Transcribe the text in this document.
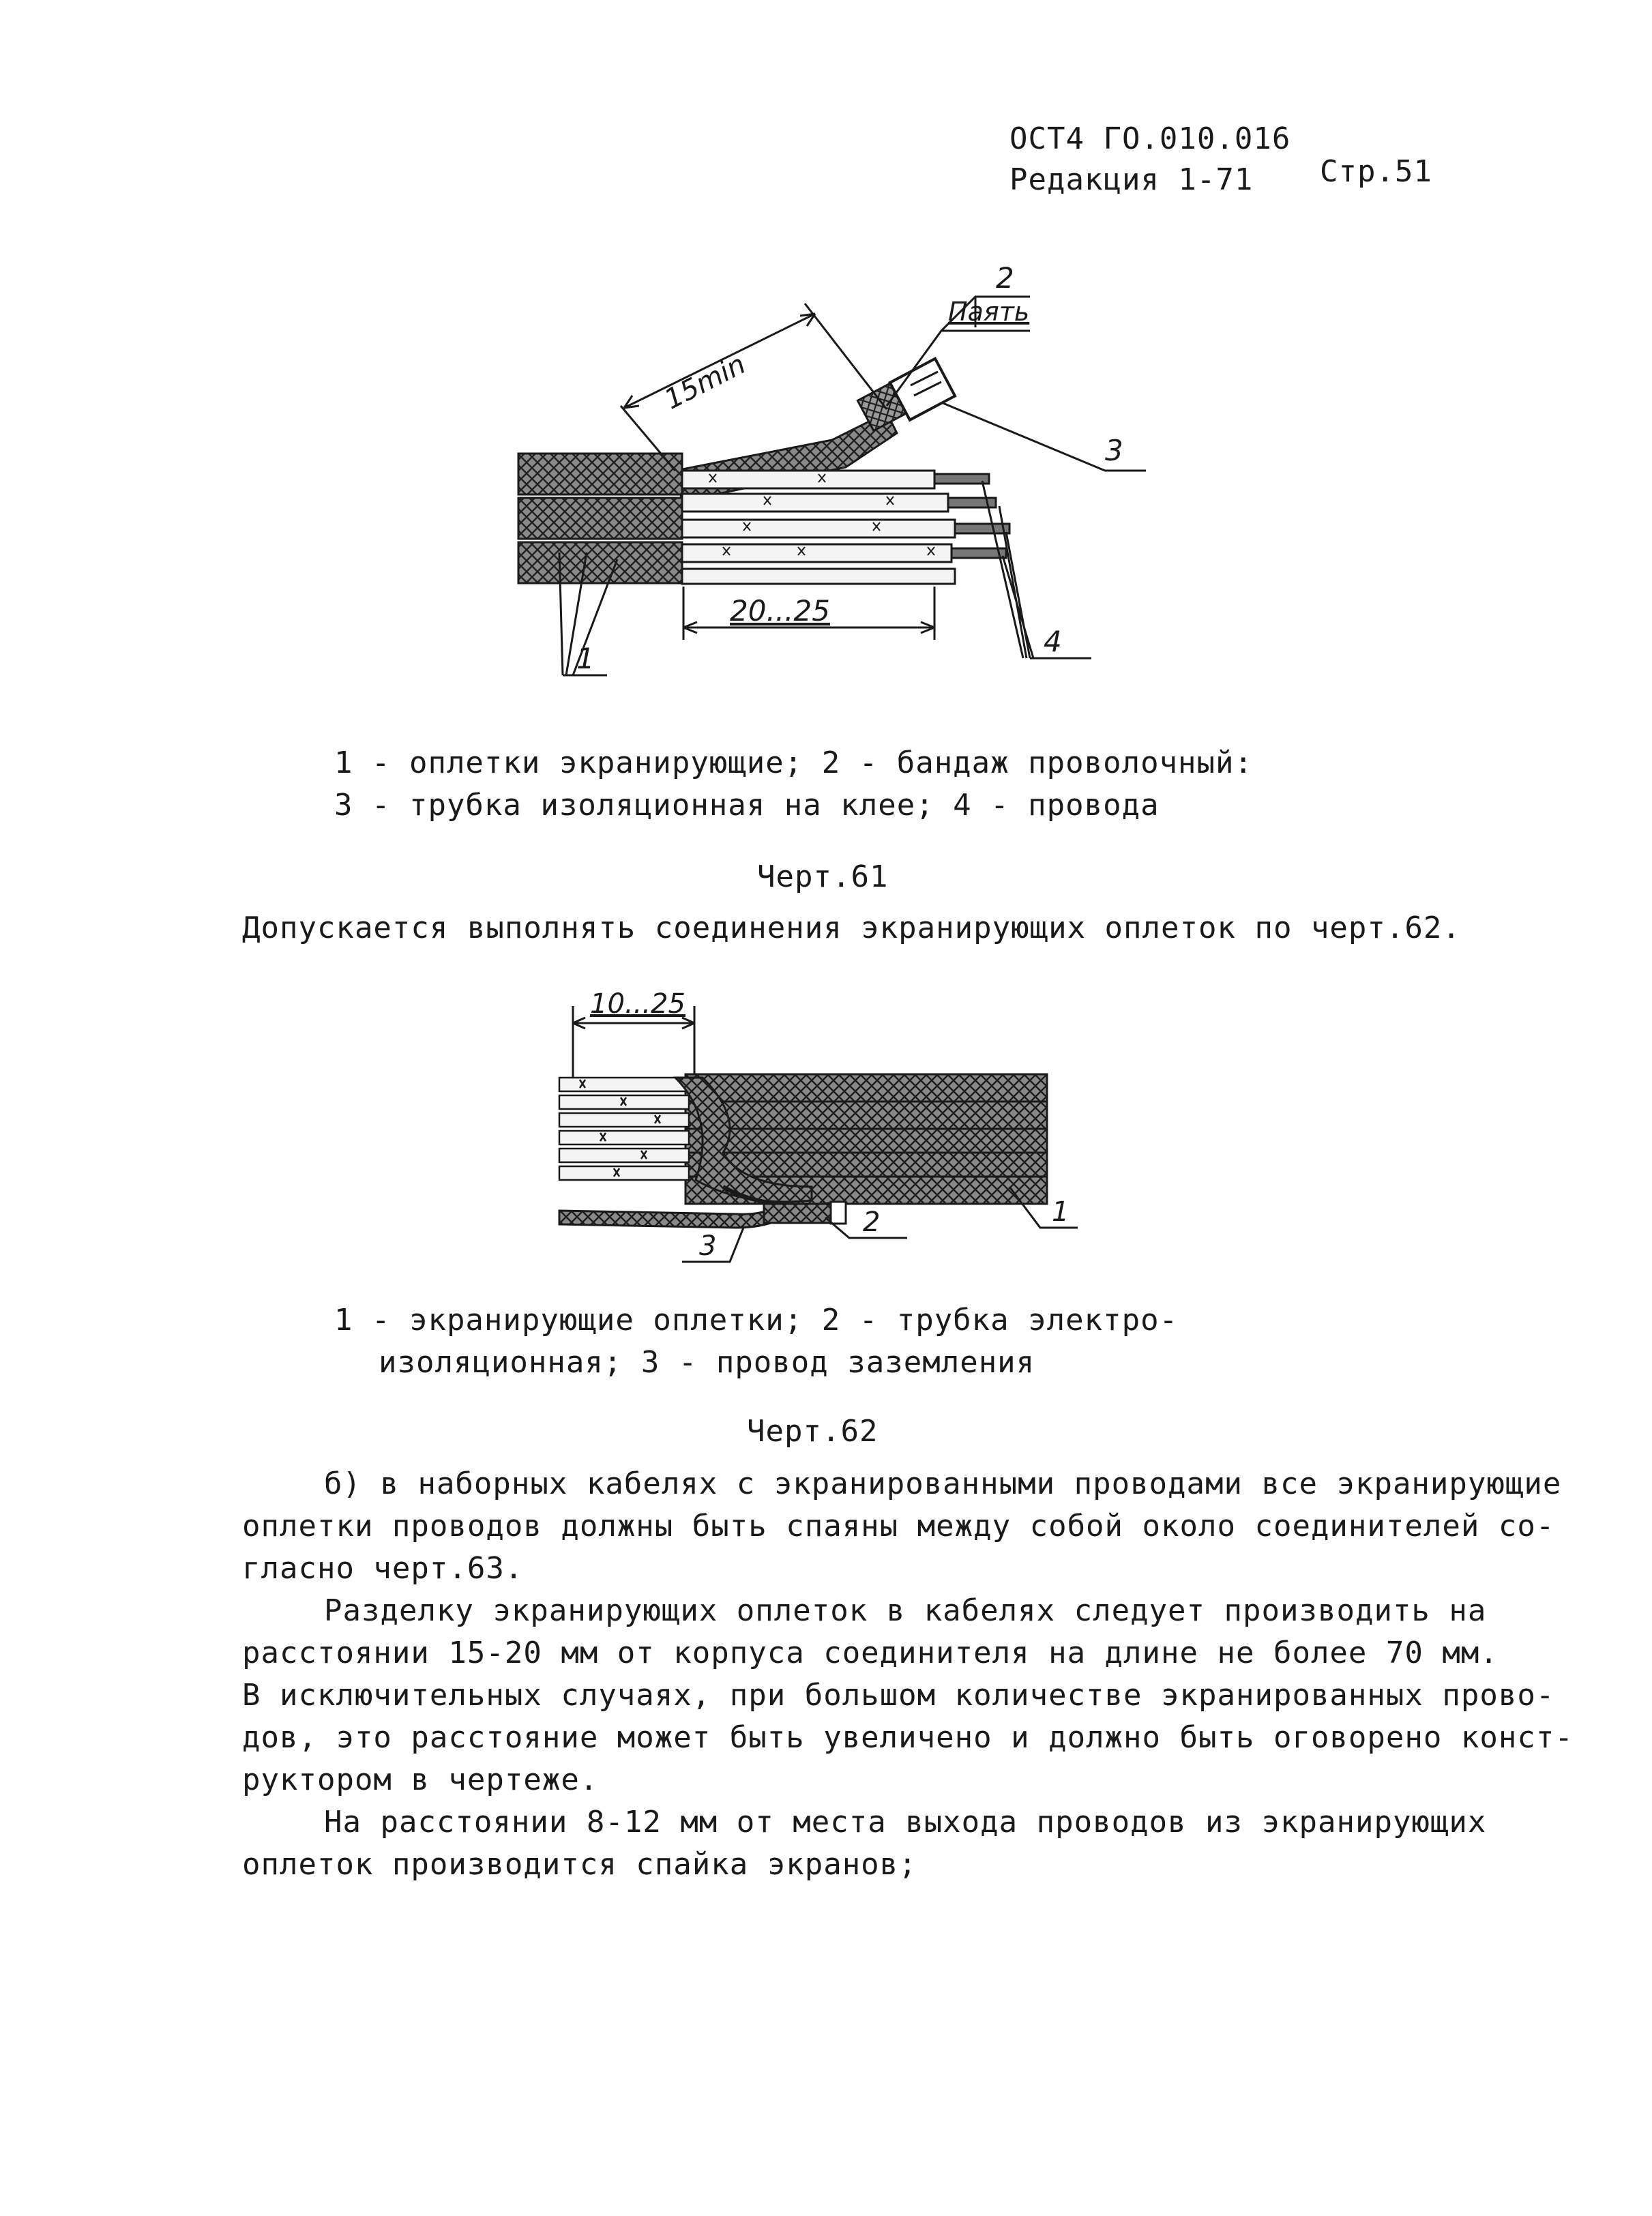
ОСТ4 ГО.010.016
Редакция 1-71 Стр.51
15min
20...25
2
Паять
3
1
4
1 - оплетки экранирующие; 2 - бандаж проволочный:
3 - трубка изоляционная на клее; 4 - провода
Черт.61
Допускается выполнять соединения экранирующих оплеток по черт.62.
10...25
1
2
3
1 - экранирующие оплетки; 2 - трубка электро-
изоляционная; 3 - провод заземления
Черт.62
б) в наборных кабелях с экранированными проводами все экранирующие
оплетки проводов должны быть спаяны между собой около соединителей со-
гласно черт.63.
Разделку экранирующих оплеток в кабелях следует производить на
расстоянии 15-20 мм от корпуса соединителя на длине не более 70 мм.
В исключительных случаях, при большом количестве экранированных прово-
дов, это расстояние может быть увеличено и должно быть оговорено конст-
руктором в чертеже.
На расстоянии 8-12 мм от места выхода проводов из экранирующих
оплеток производится спайка экранов;
